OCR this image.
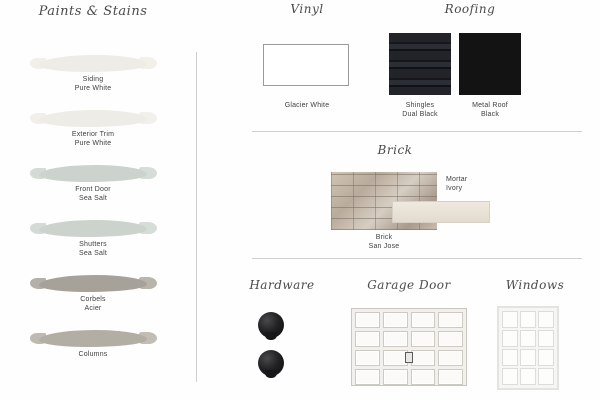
Paints & Stains
Siding
Pure White
Exterior Trim
Pure White
Front Door
Sea Salt
Shutters
Sea Salt
Corbels
Acier
Columns
Vinyl
Glacier White
Roofing
Shingles
Dual Black
Metal Roof
Black
Brick
Mortar
Ivory
Brick
San Jose
Hardware	Garage Door	Windows
